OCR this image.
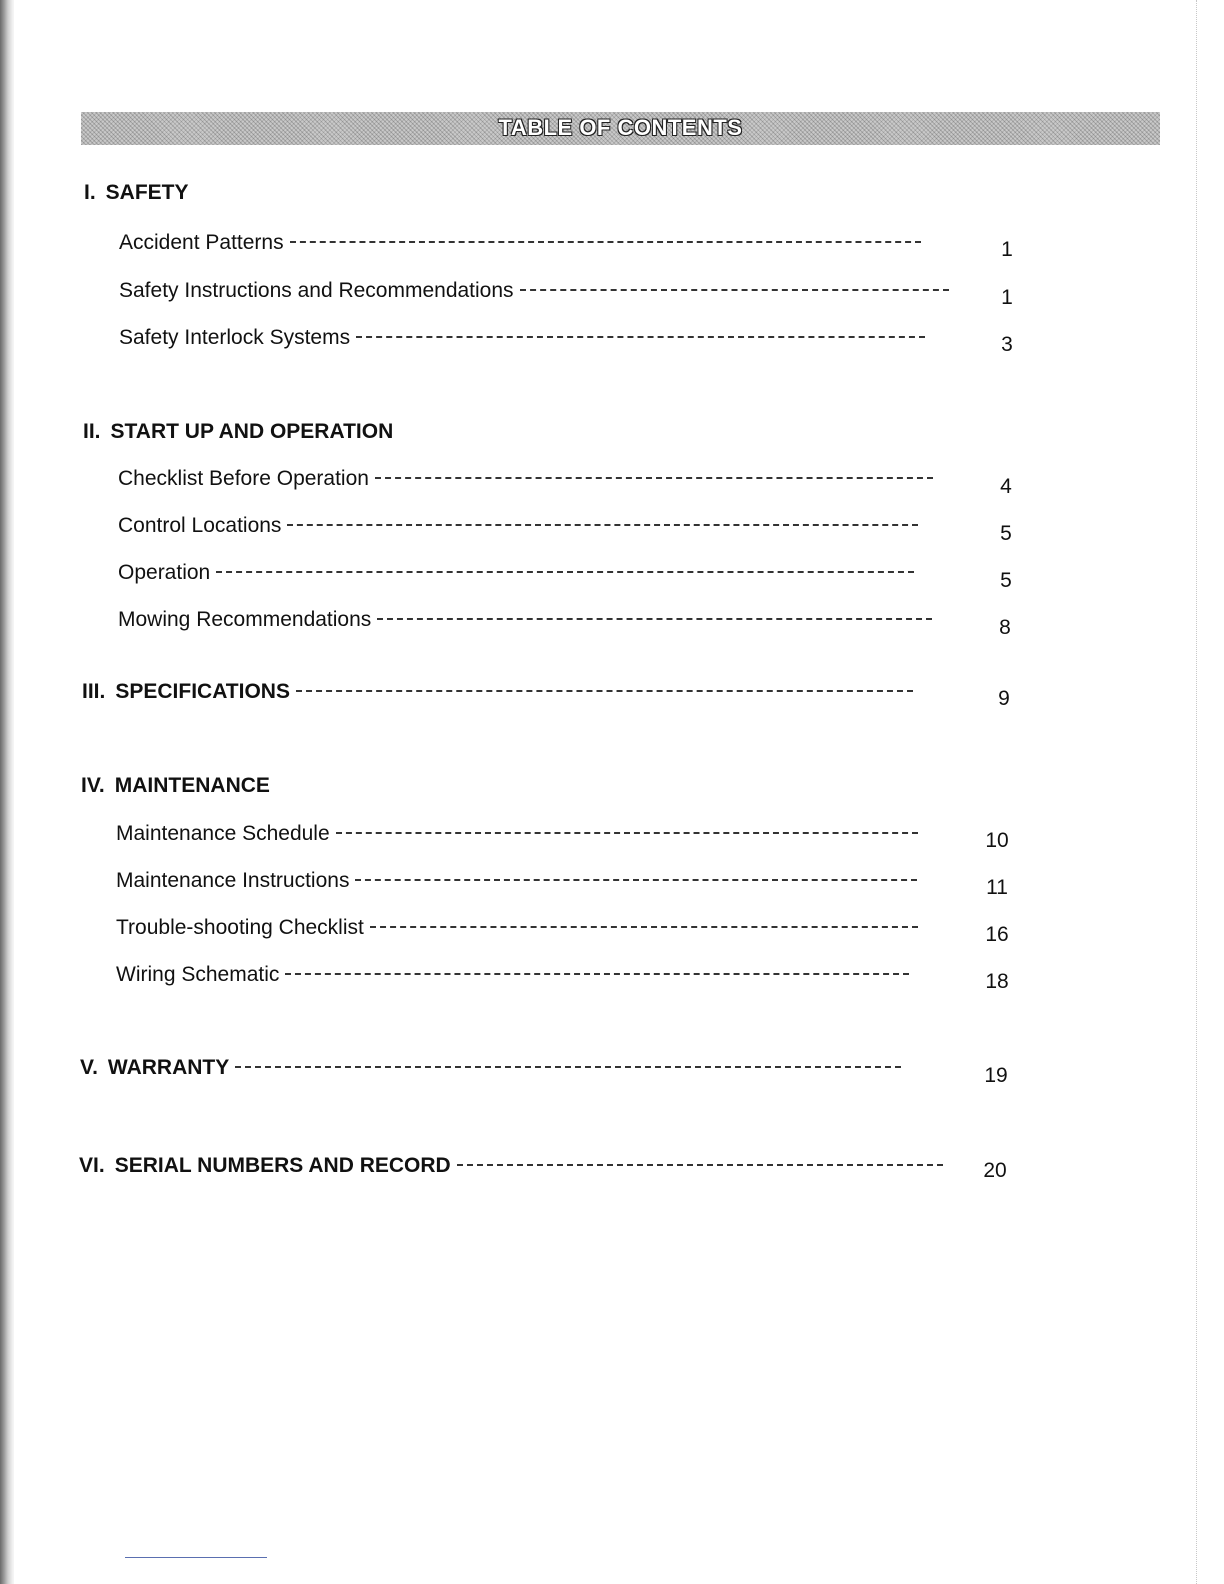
TABLE OF CONTENTS
I. SAFETY
Accident Patterns	1
Safety Instructions and Recommendations	1
Safety Interlock Systems	3
II. START UP AND OPERATION
Checklist Before Operation	4
Control Locations	5
Operation	5
Mowing Recommendations	8
III. SPECIFICATIONS	9
IV. MAINTENANCE
Maintenance Schedule	10
Maintenance Instructions	11
Trouble-shooting Checklist	16
Wiring Schematic	18
V. WARRANTY	19
VI. SERIAL NUMBERS AND RECORD	20
